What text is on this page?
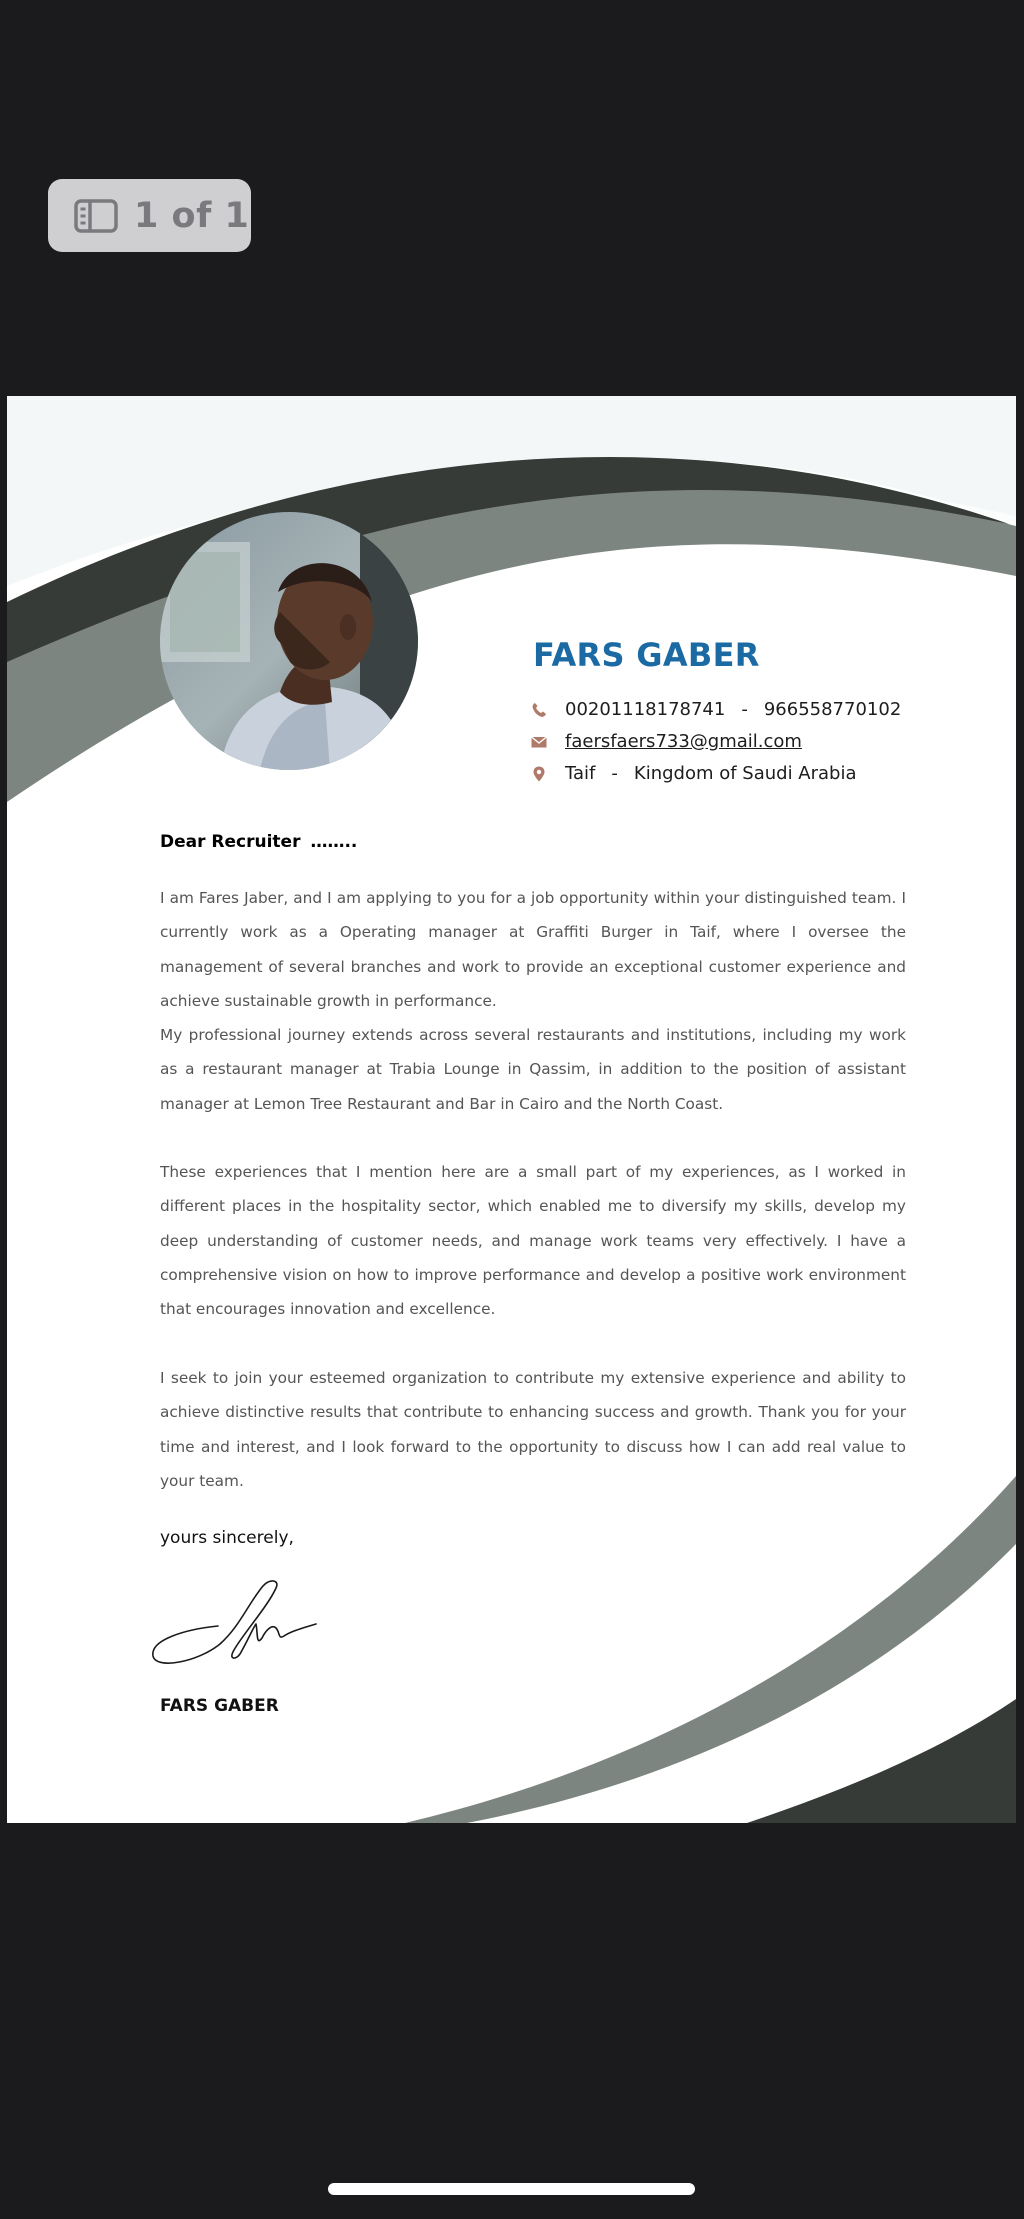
1 of 1
FARS GABER
00201118178741 - 966558770102
faersfaers733@gmail.com
Taif - Kingdom of Saudi Arabia
Dear Recruiter ……..

I am Fares Jaber, and I am applying to you for a job opportunity within your distinguished team. I currently work as a Operating manager at Graffiti Burger in Taif, where I oversee the management of several branches and work to provide an exceptional customer experience and achieve sustainable growth in performance.

My professional journey extends across several restaurants and institutions, including my work as a restaurant manager at Trabia Lounge in Qassim, in addition to the position of assistant manager at Lemon Tree Restaurant and Bar in Cairo and the North Coast.

These experiences that I mention here are a small part of my experiences, as I worked in different places in the hospitality sector, which enabled me to diversify my skills, develop my deep understanding of customer needs, and manage work teams very effectively. I have a comprehensive vision on how to improve performance and develop a positive work environment that encourages innovation and excellence.

I seek to join your esteemed organization to contribute my extensive experience and ability to achieve distinctive results that contribute to enhancing success and growth. Thank you for your time and interest, and I look forward to the opportunity to discuss how I can add real value to your team.

yours sincerely,
FARS GABER
